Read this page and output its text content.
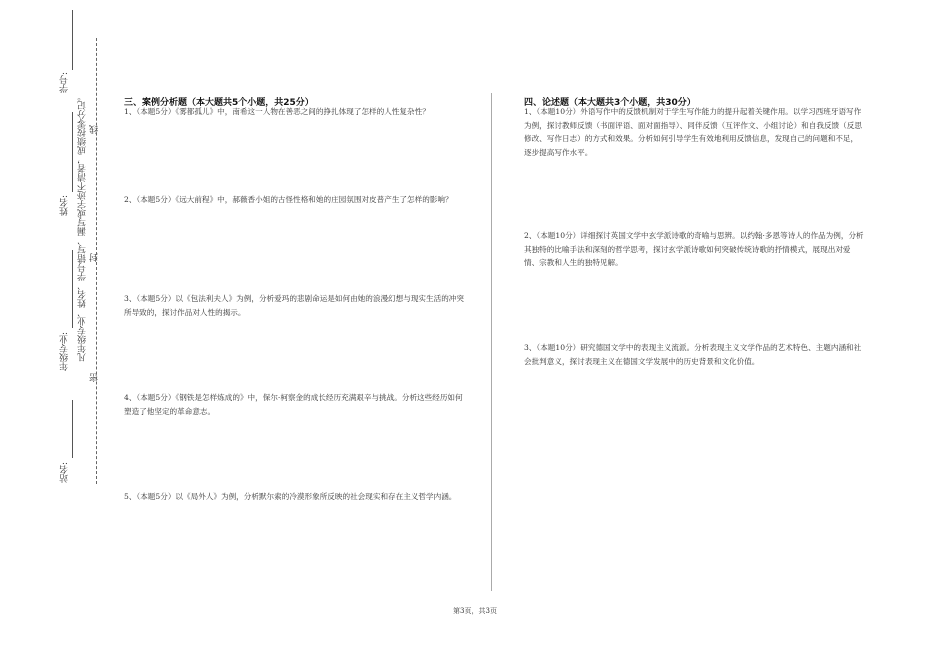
学号:
姓名:
年级专业:
站名:
凡年级专业、姓名、学号错写、漏写或字迹不清者，成绩按零分记。
密
封
线
三、案例分析题（本大题共5个小题，共25分）
1、（本题5分）《雾都孤儿》中，南希这一人物在善恶之间的挣扎体现了怎样的人性复杂性？
2、（本题5分）《远大前程》中，郝薇香小姐的古怪性格和她的庄园氛围对皮普产生了怎样的影响？
3、（本题5分）以《包法利夫人》为例，分析爱玛的悲剧命运是如何由她的浪漫幻想与现实生活的冲突所导致的，探讨作品对人性的揭示。
4、（本题5分）《钢铁是怎样炼成的》中，保尔·柯察金的成长经历充满艰辛与挑战。分析这些经历如何塑造了他坚定的革命意志。
5、（本题5分）以《局外人》为例，分析默尔索的冷漠形象所反映的社会现实和存在主义哲学内涵。
四、论述题（本大题共3个小题，共30分）
1、（本题10分）外语写作中的反馈机制对于学生写作能力的提升起着关键作用。以学习西班牙语写作为例，探讨教师反馈（书面评语、面对面指导）、同伴反馈（互评作文、小组讨论）和自我反馈（反思修改、写作日志）的方式和效果。分析如何引导学生有效地利用反馈信息，发现自己的问题和不足，逐步提高写作水平。
2、（本题10分）详细探讨英国文学中玄学派诗歌的奇喻与思辨。以约翰·多恩等诗人的作品为例，分析其独特的比喻手法和深刻的哲学思考，探讨玄学派诗歌如何突破传统诗歌的抒情模式，展现出对爱情、宗教和人生的独特见解。
3、（本题10分）研究德国文学中的表现主义流派。分析表现主义文学作品的艺术特色、主题内涵和社会批判意义，探讨表现主义在德国文学发展中的历史背景和文化价值。
第3页，共3页
